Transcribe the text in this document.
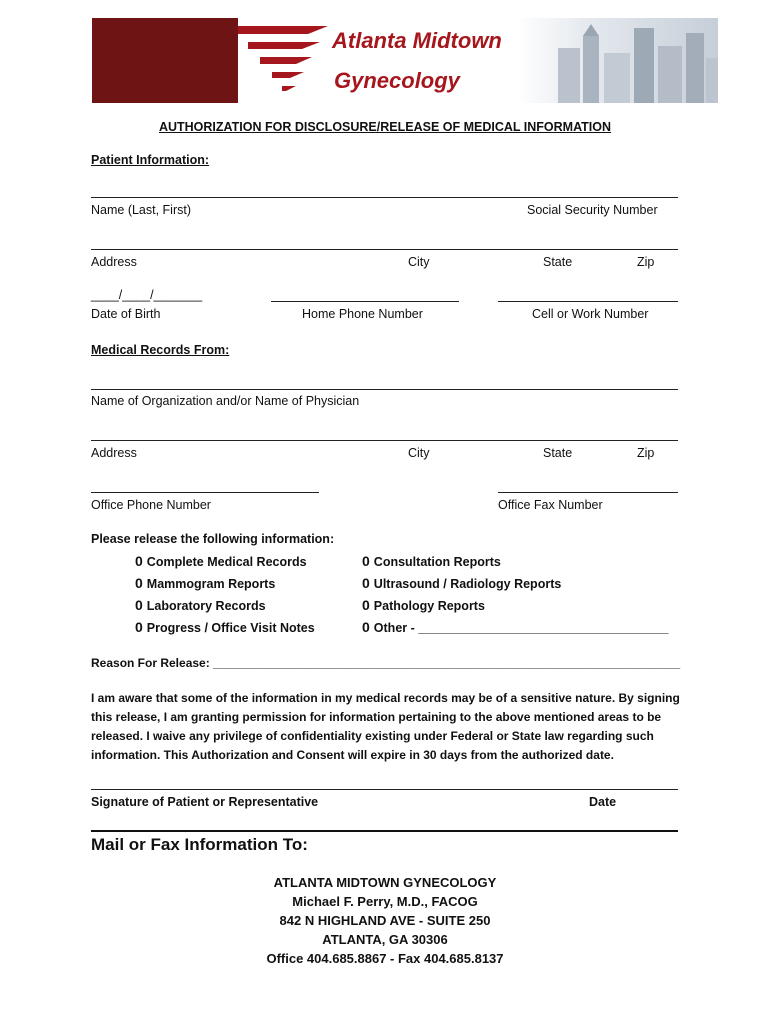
Atlanta Midtown
Gynecology
AUTHORIZATION FOR DISCLOSURE/RELEASE OF MEDICAL INFORMATION
Patient Information:
Name (Last, First)	Social Security Number
Address	City	State	Zip
____/____/_______
Date of Birth	Home Phone Number	Cell or Work Number
Medical Records From:
Name of Organization and/or Name of Physician
Address	City	State	Zip
Office Phone Number	Office Fax Number
Please release the following information:
0 Complete Medical Records
0 Mammogram Reports
0 Laboratory Records
0 Progress / Office Visit Notes
0 Consultation Reports
0 Ultrasound / Radiology Reports
0 Pathology Reports
0 Other - ____________________________________
Reason For Release: ______________________________________________________________________
I am aware that some of the information in my medical records may be of a sensitive nature. By signing this release, I am granting permission for information pertaining to the above mentioned areas to be released. I waive any privilege of confidentiality existing under Federal or State law regarding such information. This Authorization and Consent will expire in 30 days from the authorized date.
Signature of Patient or Representative	Date
Mail or Fax Information To:
ATLANTA MIDTOWN GYNECOLOGY
Michael F. Perry, M.D., FACOG
842 N HIGHLAND AVE - SUITE 250
ATLANTA, GA 30306
Office 404.685.8867 - Fax 404.685.8137
